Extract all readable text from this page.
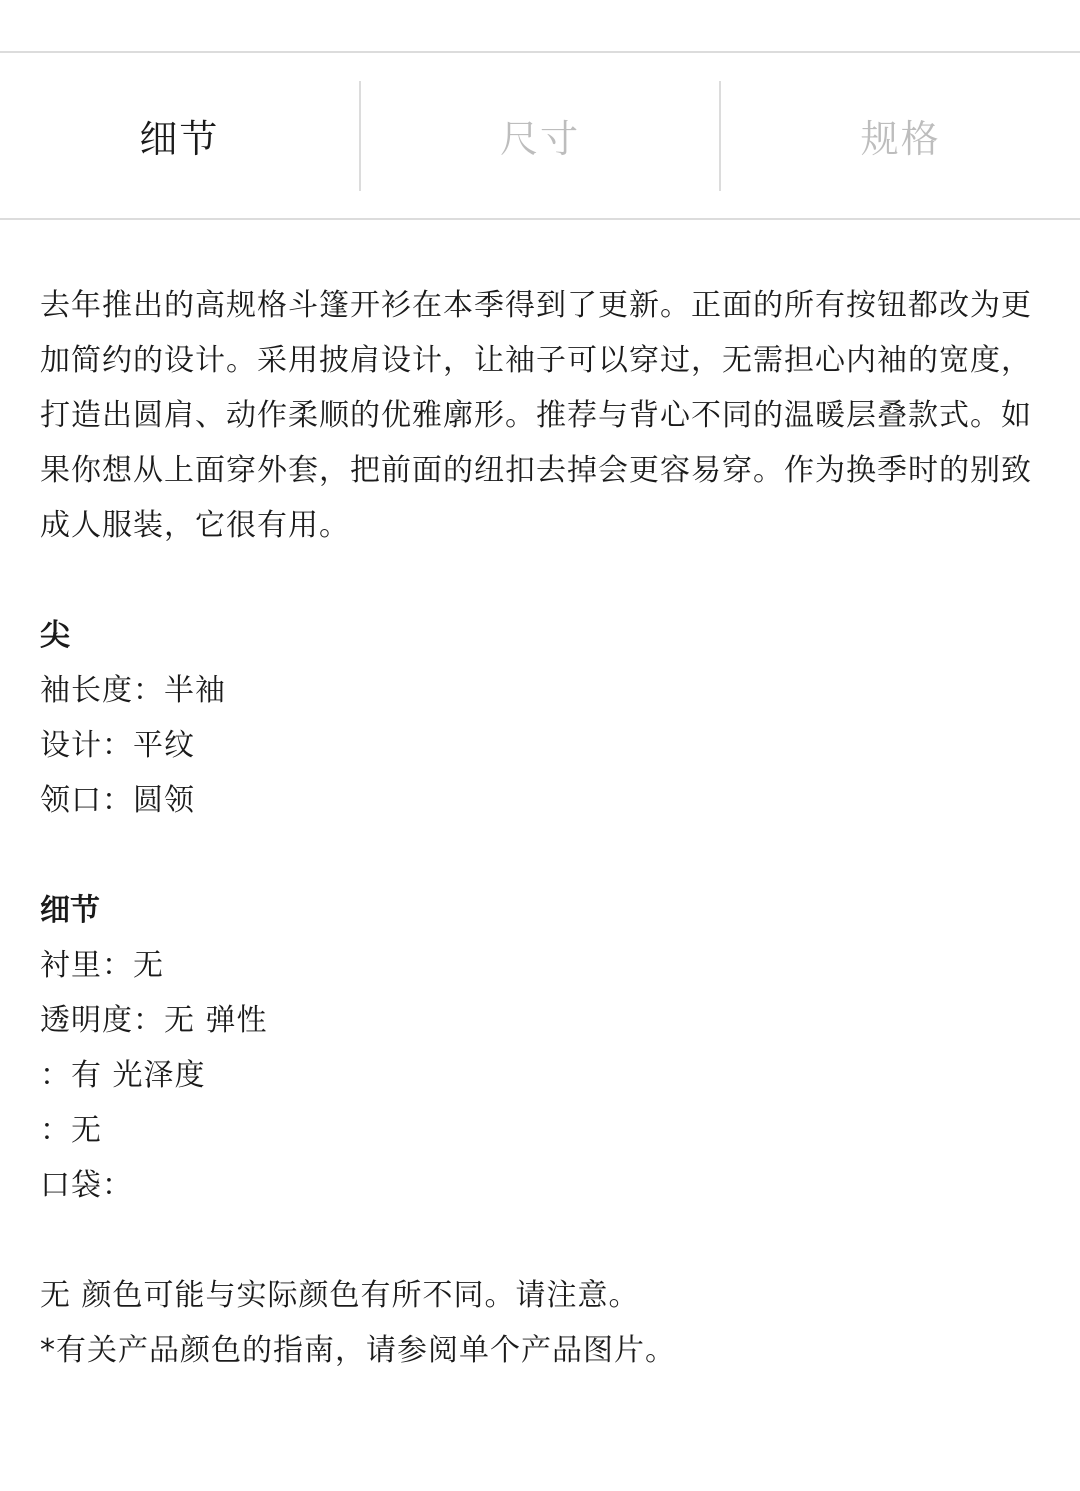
细节	尺寸	规格

去年推出的高规格斗篷开衫在本季得到了更新。正面的所有按钮都改为更加简约的设计。采用披肩设计，让袖子可以穿过，无需担心内袖的宽度，打造出圆肩、动作柔顺的优雅廓形。推荐与背心不同的温暖层叠款式。如果你想从上面穿外套，把前面的纽扣去掉会更容易穿。作为换季时的别致成人服装，它很有用。

尖

袖长度：半袖

设计：平纹

领口：圆领

细节

衬里：无

透明度：无 弹性

：有 光泽度

：无

口袋：

无 颜色可能与实际颜色有所不同。请注意。

*有关产品颜色的指南，请参阅单个产品图片。
